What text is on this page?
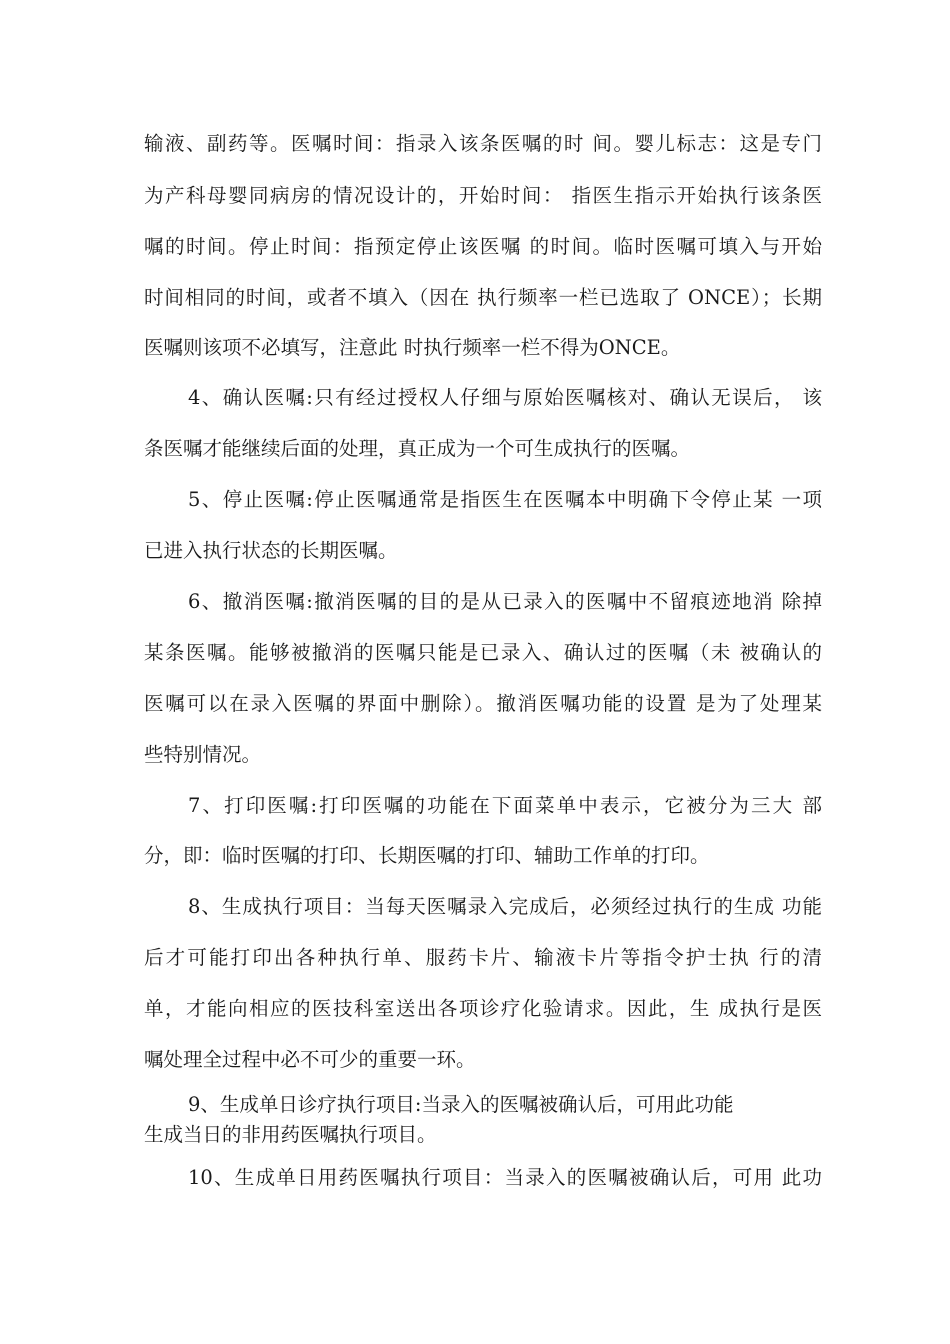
输液、副药等。医嘱时间：指录入该条医嘱的时 间。婴儿标志：这是专门
为产科母婴同病房的情况设计的，开始时间： 指医生指示开始执行该条医
嘱的时间。停止时间：指预定停止该医嘱 的时间。临时医嘱可填入与开始
时间相同的时间，或者不填入（因在 执行频率一栏已选取了 ONCE）；长期
医嘱则该项不必填写，注意此 时执行频率一栏不得为ONCE。
4、确认医嘱:只有经过授权人仔细与原始医嘱核对、确认无误后， 该
条医嘱才能继续后面的处理，真正成为一个可生成执行的医嘱。
5、停止医嘱:停止医嘱通常是指医生在医嘱本中明确下令停止某 一项
已进入执行状态的长期医嘱。
6、撤消医嘱:撤消医嘱的目的是从已录入的医嘱中不留痕迹地消 除掉
某条医嘱。能够被撤消的医嘱只能是已录入、确认过的医嘱（未 被确认的
医嘱可以在录入医嘱的界面中删除）。撤消医嘱功能的设置 是为了处理某
些特别情况。
7、打印医嘱:打印医嘱的功能在下面菜单中表示，它被分为三大 部
分，即：临时医嘱的打印、长期医嘱的打印、辅助工作单的打印。
8、生成执行项目：当每天医嘱录入完成后，必须经过执行的生成 功能
后才可能打印出各种执行单、服药卡片、输液卡片等指令护士执 行的清
单，才能向相应的医技科室送出各项诊疗化验请求。因此，生 成执行是医
嘱处理全过程中必不可少的重要一环。
9、生成单日诊疗执行项目:当录入的医嘱被确认后，可用此功能
生成当日的非用药医嘱执行项目。
10、生成单日用药医嘱执行项目：当录入的医嘱被确认后，可用 此功
